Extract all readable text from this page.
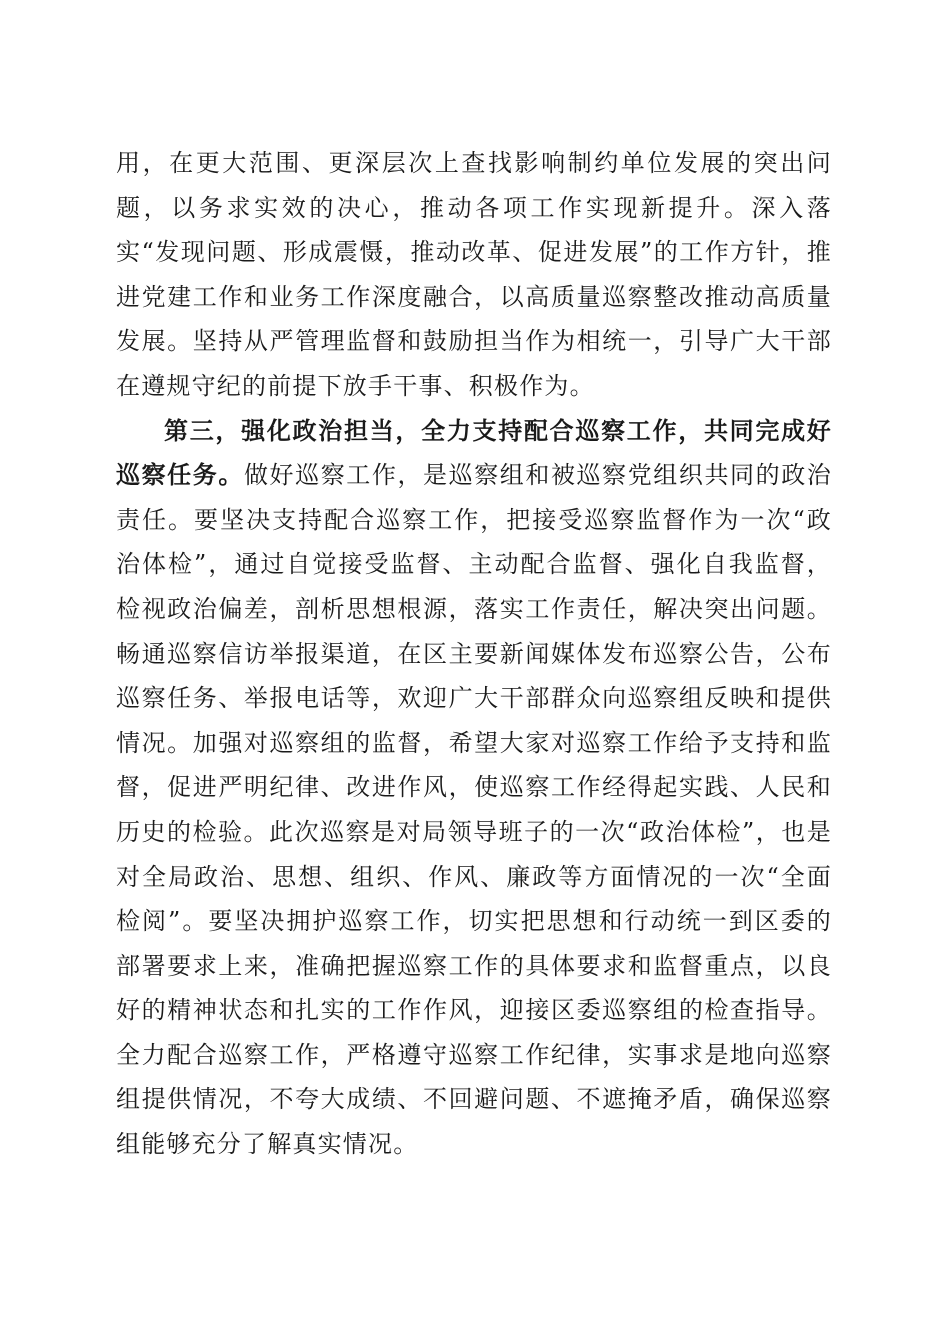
用，在更大范围、更深层次上查找影响制约单位发展的突出问题，以务求实效的决心，推动各项工作实现新提升。深入落实“发现问题、形成震慑，推动改革、促进发展”的工作方针，推进党建工作和业务工作深度融合，以高质量巡察整改推动高质量发展。坚持从严管理监督和鼓励担当作为相统一，引导广大干部在遵规守纪的前提下放手干事、积极作为。

第三，强化政治担当，全力支持配合巡察工作，共同完成好巡察任务。做好巡察工作，是巡察组和被巡察党组织共同的政治责任。要坚决支持配合巡察工作，把接受巡察监督作为一次“政治体检”，通过自觉接受监督、主动配合监督、强化自我监督，检视政治偏差，剖析思想根源，落实工作责任，解决突出问题。畅通巡察信访举报渠道，在区主要新闻媒体发布巡察公告，公布巡察任务、举报电话等，欢迎广大干部群众向巡察组反映和提供情况。加强对巡察组的监督，希望大家对巡察工作给予支持和监督，促进严明纪律、改进作风，使巡察工作经得起实践、人民和历史的检验。此次巡察是对局领导班子的一次“政治体检”，也是对全局政治、思想、组织、作风、廉政等方面情况的一次“全面检阅”。要坚决拥护巡察工作，切实把思想和行动统一到区委的部署要求上来，准确把握巡察工作的具体要求和监督重点，以良好的精神状态和扎实的工作作风，迎接区委巡察组的检查指导。全力配合巡察工作，严格遵守巡察工作纪律，实事求是地向巡察组提供情况，不夸大成绩、不回避问题、不遮掩矛盾，确保巡察组能够充分了解真实情况。
